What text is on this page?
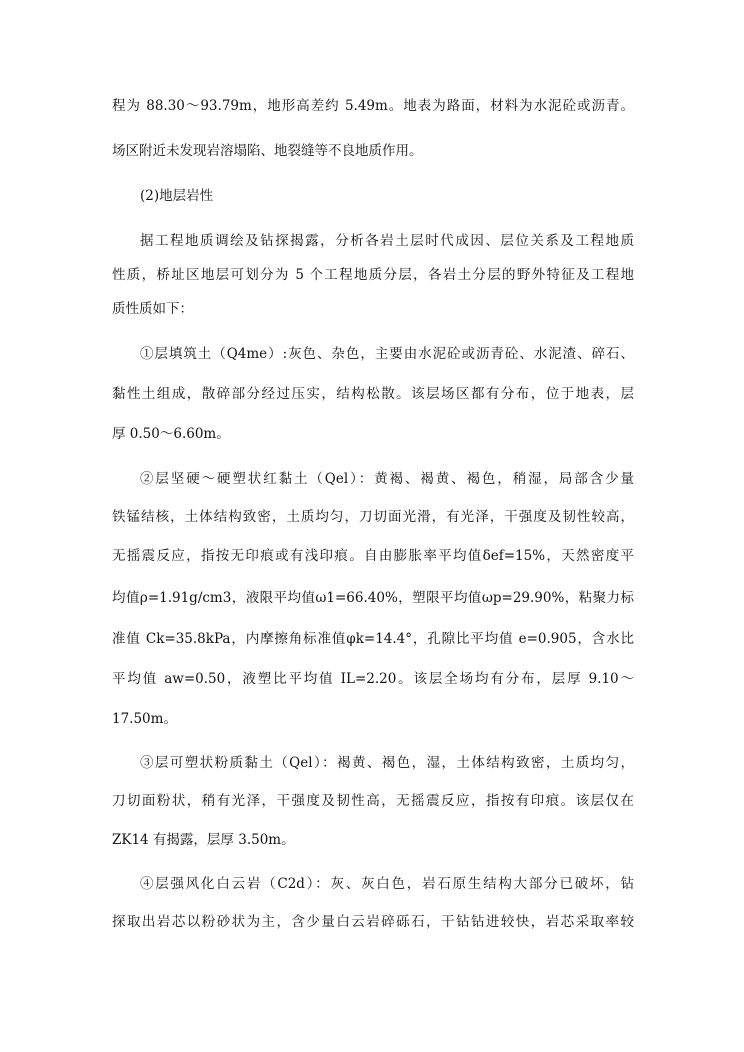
程为 88.30～93.79m，地形高差约 5.49m。地表为路面，材料为水泥砼或沥青。
场区附近未发现岩溶塌陷、地裂缝等不良地质作用。
(2)地层岩性
据工程地质调绘及钻探揭露，分析各岩土层时代成因、层位关系及工程地质
性质，桥址区地层可划分为 5 个工程地质分层，各岩土分层的野外特征及工程地
质性质如下：
①层填筑土（Q4me）:灰色、杂色，主要由水泥砼或沥青砼、水泥渣、碎石、
黏性土组成，散碎部分经过压实，结构松散。该层场区都有分布，位于地表，层
厚 0.50～6.60m。
②层坚硬～硬塑状红黏土（Qel）：黄褐、褐黄、褐色，稍湿，局部含少量
铁锰结核，土体结构致密，土质均匀，刀切面光滑，有光泽，干强度及韧性较高，
无摇震反应，指按无印痕或有浅印痕。自由膨胀率平均值δef=15%，天然密度平
均值ρ=1.91g/cm3，液限平均值ω1=66.40%，塑限平均值ωp=29.90%，粘聚力标
准值 Ck=35.8kPa，内摩擦角标准值φk=14.4°，孔隙比平均值 e=0.905，含水比
平均值 aw=0.50，液塑比平均值 IL=2.20。该层全场均有分布，层厚 9.10～
17.50m。
③层可塑状粉质黏土（Qel）：褐黄、褐色，湿，土体结构致密，土质均匀，
刀切面粉状，稍有光泽，干强度及韧性高，无摇震反应，指按有印痕。该层仅在
ZK14 有揭露，层厚 3.50m。
④层强风化白云岩（C2d）：灰、灰白色，岩石原生结构大部分已破坏，钻
探取出岩芯以粉砂状为主，含少量白云岩碎砾石，干钻钻进较快，岩芯采取率较
